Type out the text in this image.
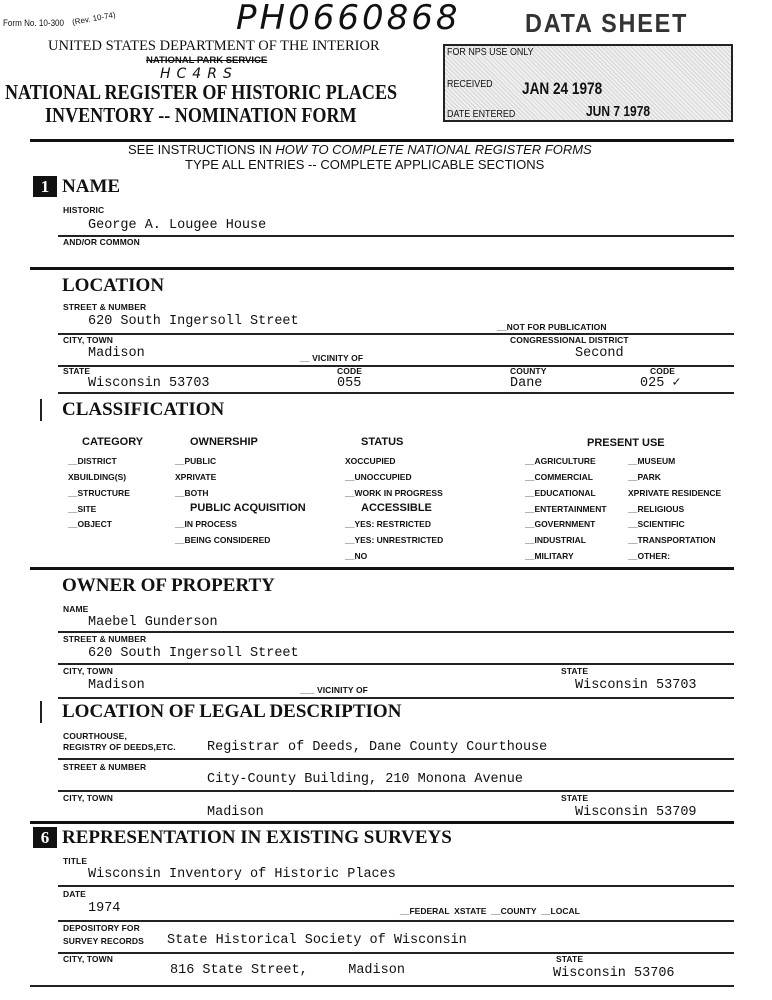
Form No. 10-300 (Rev. 10-74)	PH0660868 DATA SHEET
UNITED STATES DEPARTMENT OF THE INTERIOR
NATIONAL PARK SERVICE
HC4RS
NATIONAL REGISTER OF HISTORIC PLACES
INVENTORY -- NOMINATION FORM
FOR NPS USE ONLY
RECEIVED JAN 24 1978
DATE ENTERED	JUN 7 1978
SEE INSTRUCTIONS IN HOW TO COMPLETE NATIONAL REGISTER FORMS
TYPE ALL ENTRIES -- COMPLETE APPLICABLE SECTIONS
1 NAME
HISTORIC
George A. Lougee House
AND/OR COMMON
LOCATION
STREET & NUMBER
620 South Ingersoll Street	__NOT FOR PUBLICATION
CITY, TOWN	CONGRESSIONAL DISTRICT
Madison	__ VICINITY OF	Second
STATE	CODE	COUNTY	CODE
Wisconsin 53703	055	Dane	025 ✓
CLASSIFICATION
CATEGORY
__DISTRICT
XBUILDING(S)
__STRUCTURE
__SITE
__OBJECT
OWNERSHIP
__PUBLIC
XPRIVATE
__BOTH
PUBLIC ACQUISITION
__IN PROCESS
__BEING CONSIDERED
STATUS
XOCCUPIED
__UNOCCUPIED
__WORK IN PROGRESS
ACCESSIBLE
__YES: RESTRICTED
__YES: UNRESTRICTED
__NO
PRESENT USE
__AGRICULTURE
__COMMERCIAL
__EDUCATIONAL
__ENTERTAINMENT
__GOVERNMENT
__INDUSTRIAL
__MILITARY
__MUSEUM
__PARK
XPRIVATE RESIDENCE
__RELIGIOUS
__SCIENTIFIC
__TRANSPORTATION
__OTHER:
OWNER OF PROPERTY
NAME
Maebel Gunderson
STREET & NUMBER
620 South Ingersoll Street
CITY, TOWN	STATE
Madison	___ VICINITY OF	Wisconsin 53703
LOCATION OF LEGAL DESCRIPTION
COURTHOUSE,
REGISTRY OF DEEDS,ETC. Registrar of Deeds, Dane County Courthouse
STREET & NUMBER
City-County Building, 210 Monona Avenue
CITY, TOWN	STATE
Madison	Wisconsin 53709
6 REPRESENTATION IN EXISTING SURVEYS
TITLE
Wisconsin Inventory of Historic Places
DATE
1974	__FEDERAL  XSTATE  __COUNTY  __LOCAL
DEPOSITORY FOR
SURVEY RECORDS State Historical Society of Wisconsin
CITY, TOWN
816 State Street,     Madison
STATE
Wisconsin 53706
